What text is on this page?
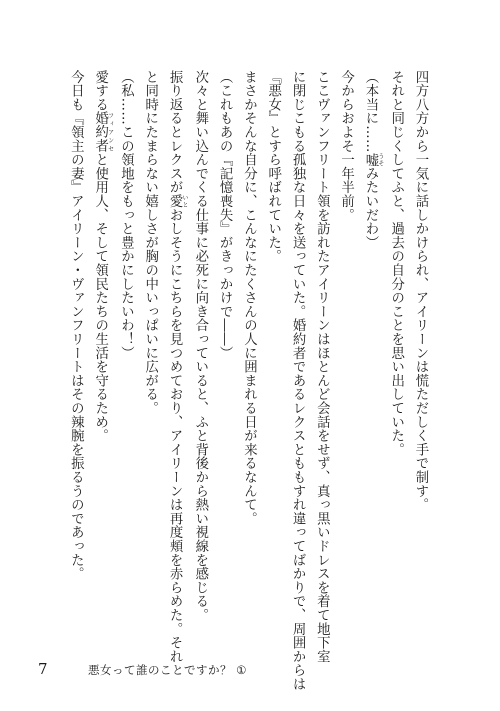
四方八方から一気に話しかけられ、アイリーンは慌ただしく手で制す。

それと同じくしてふと、過去の自分のことを思い出していた。

（本当に……嘘 うそみたいだわ）

今からおよそ一年半前。

ここヴァンフリート領を訪れたアイリーンはほとんど会話をせず、真っ黒いドレスを着て地下室

に閉じこもる孤独な日々を送っていた。婚約者であるレクスとももすれ違ってばかりで、周囲からは

『悪女』とすら呼ばれていた。

まさかそんな自分に、こんなにたくさんの人に囲まれる日が来るなんて。

（これもあの『記憶喪失』がきっかけで――）

次々と舞い込んでくる仕事に必死に向き合っていると、ふと背後から熱い視線を感じる。

振り返るとレクスが愛 いとおしそうにこちらを見つめており、アイリーンは再度頬を赤らめた。それ

と同時にたまらない嬉しさが胸の中いっぱいに広がる。

（私……この領地をもっと豊かにしたいわ！）

愛する婚約者 フィアンセと使用人、そして領民たちの生活を守るため。

今日も『領主の妻』アイリーン・ヴァンフリートはその辣腕を振るうのであった。

7	悪女って誰のことですか？ ①
